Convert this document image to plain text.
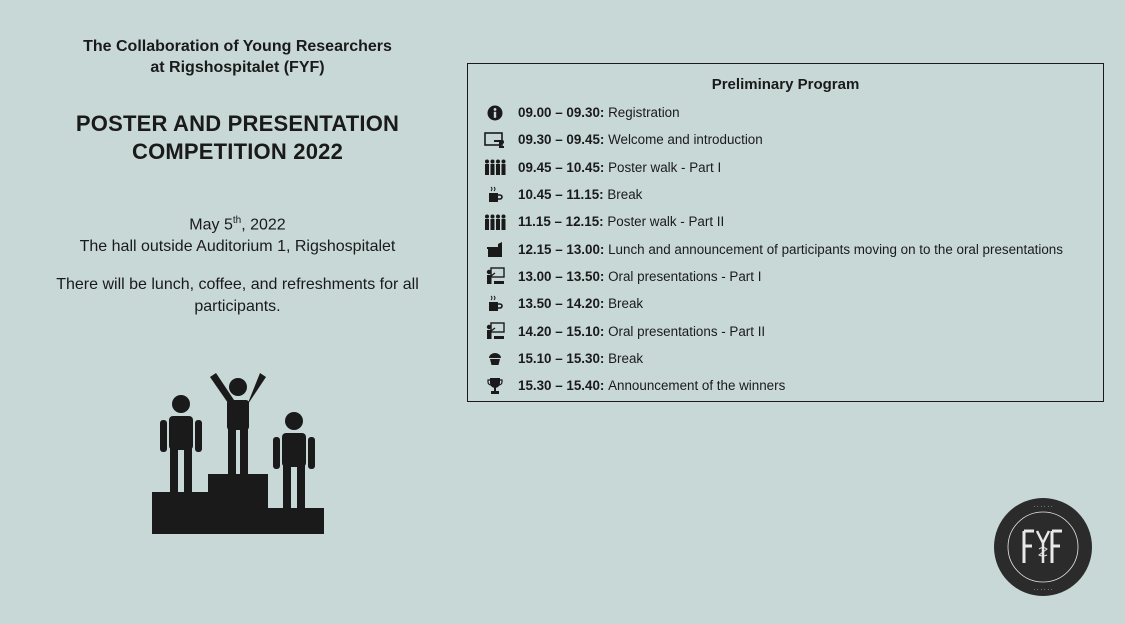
The Collaboration of Young Researchers
at Rigshospitalet (FYF)
POSTER AND PRESENTATION
COMPETITION 2022
May 5th, 2022
The hall outside Auditorium 1, Rigshospitalet
There will be lunch, coffee, and refreshments for all participants.
Preliminary Program
09.00 – 09.30:
Registration
09.30 – 09.45:
Welcome and introduction
09.45 – 10.45:
Poster walk - Part I
10.45 – 11.15:
Break
11.15 – 12.15:
Poster walk - Part II
12.15 – 13.00:
Lunch and announcement of participants moving on to the oral presentations
13.00 – 13.50:
Oral presentations - Part I
13.50 – 14.20:
Break
14.20 – 15.10:
Oral presentations - Part II
15.10 – 15.30:
Break
15.30 – 15.40:
Announcement of the winners
· · · · · ·
· · · · · ·
